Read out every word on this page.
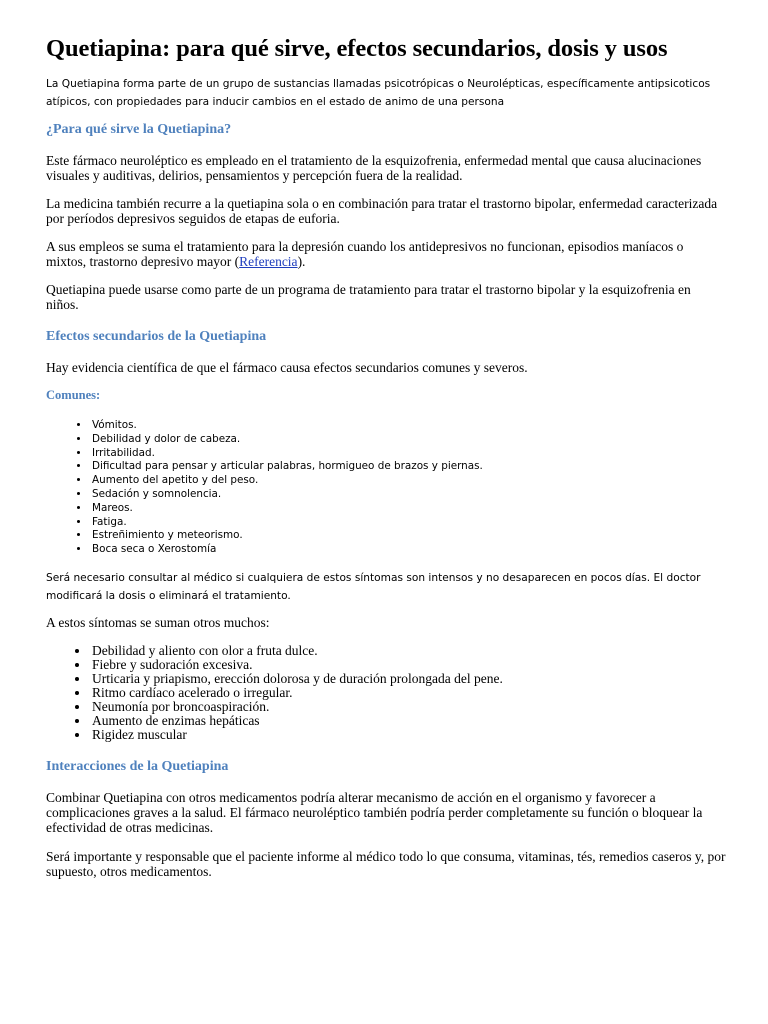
Quetiapina: para qué sirve, efectos secundarios, dosis y usos

La Quetiapina forma parte de un grupo de sustancias llamadas psicotrópicas o Neurolépticas, específicamente antipsicoticos atípicos, con propiedades para inducir cambios en el estado de animo de una persona

¿Para qué sirve la Quetiapina?

Este fármaco neuroléptico es empleado en el tratamiento de la esquizofrenia, enfermedad mental que causa alucinaciones visuales y auditivas, delirios, pensamientos y percepción fuera de la realidad.

La medicina también recurre a la quetiapina sola o en combinación para tratar el trastorno bipolar, enfermedad caracterizada por períodos depresivos seguidos de etapas de euforia.

A sus empleos se suma el tratamiento para la depresión cuando los antidepresivos no funcionan, episodios maníacos o mixtos, trastorno depresivo mayor (Referencia).

Quetiapina puede usarse como parte de un programa de tratamiento para tratar el trastorno bipolar y la esquizofrenia en niños.

Efectos secundarios de la Quetiapina

Hay evidencia científica de que el fármaco causa efectos secundarios comunes y severos.

Comunes:
• Vómitos.
• Debilidad y dolor de cabeza.
• Irritabilidad.
• Dificultad para pensar y articular palabras, hormigueo de brazos y piernas.
• Aumento del apetito y del peso.
• Sedación y somnolencia.
• Mareos.
• Fatiga.
• Estreñimiento y meteorismo.
• Boca seca o Xerostomía

Será necesario consultar al médico si cualquiera de estos síntomas son intensos y no desaparecen en pocos días. El doctor modificará la dosis o eliminará el tratamiento.

A estos síntomas se suman otros muchos:

• Debilidad y aliento con olor a fruta dulce.
• Fiebre y sudoración excesiva.
• Urticaria y priapismo, erección dolorosa y de duración prolongada del pene.
• Ritmo cardíaco acelerado o irregular.
• Neumonía por broncoaspiración.
• Aumento de enzimas hepáticas
• Rigidez muscular
Interacciones de la Quetiapina

Combinar Quetiapina con otros medicamentos podría alterar mecanismo de acción en el organismo y favorecer a complicaciones graves a la salud. El fármaco neuroléptico también podría perder completamente su función o bloquear la efectividad de otras medicinas.

Será importante y responsable que el paciente informe al médico todo lo que consuma, vitaminas, tés, remedios caseros y, por supuesto, otros medicamentos.
